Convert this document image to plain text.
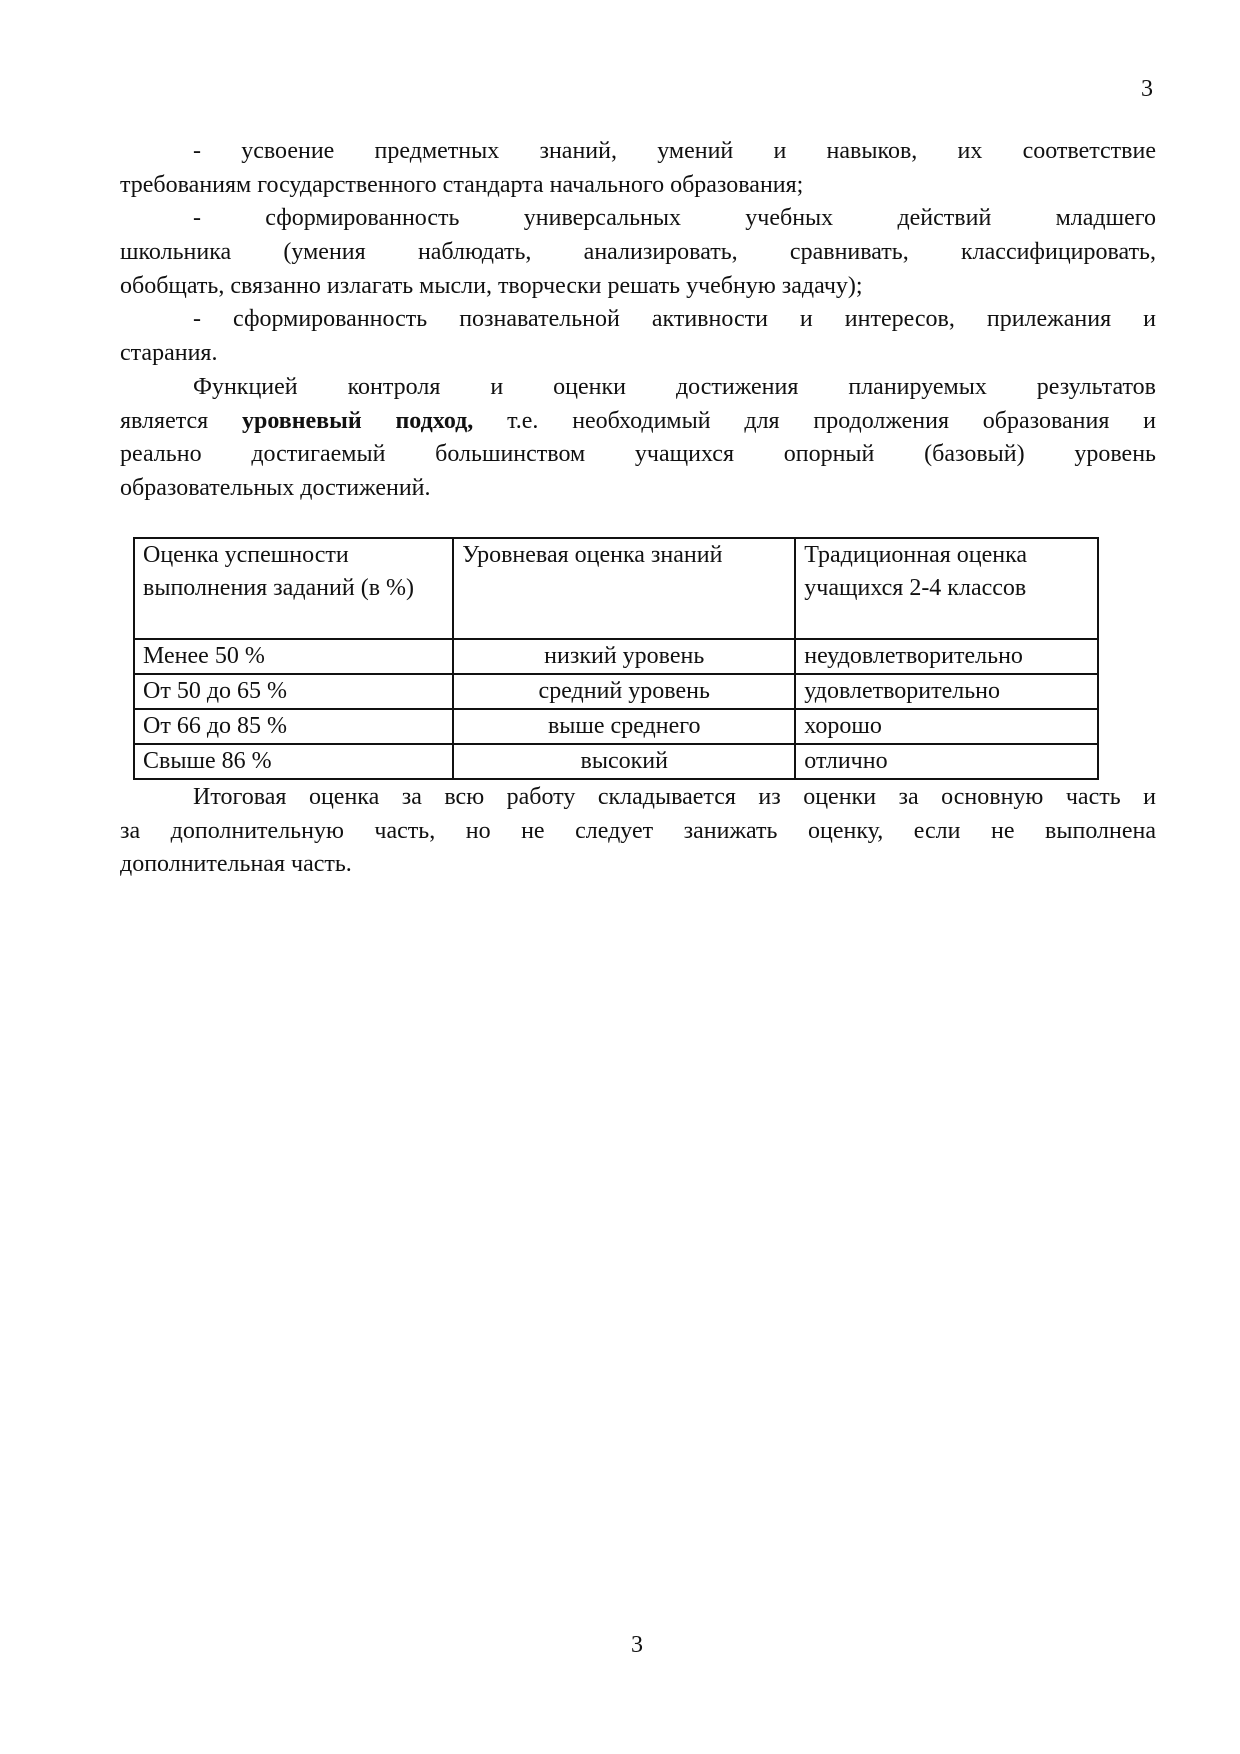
3
- усвоение предметных знаний, умений и навыков, их соответствие
требованиям государственного стандарта начального образования;
- сформированность универсальных учебных действий младшего
школьника (умения наблюдать, анализировать, сравнивать, классифицировать,
обобщать, связанно излагать мысли, творчески решать учебную задачу);
- сформированность познавательной активности и интересов, прилежания и
старания.
Функцией контроля и оценки достижения планируемых результатов
является уровневый подход, т.е. необходимый для продолжения образования и
реально достигаемый большинством учащихся опорный (базовый) уровень
образовательных достижений.
Оценка успешности выполнения заданий (в %)	Уровневая оценка знаний	Традиционная оценка учащихся 2-4 классов
Менее 50 %	низкий уровень	неудовлетворительно
От 50 до 65 %	средний уровень	удовлетворительно
От 66 до 85 %	выше среднего	хорошо
Свыше 86 %	высокий	отлично
Итоговая оценка за всю работу складывается из оценки за основную часть и
за дополнительную часть, но не следует занижать оценку, если не выполнена
дополнительная часть.
3
